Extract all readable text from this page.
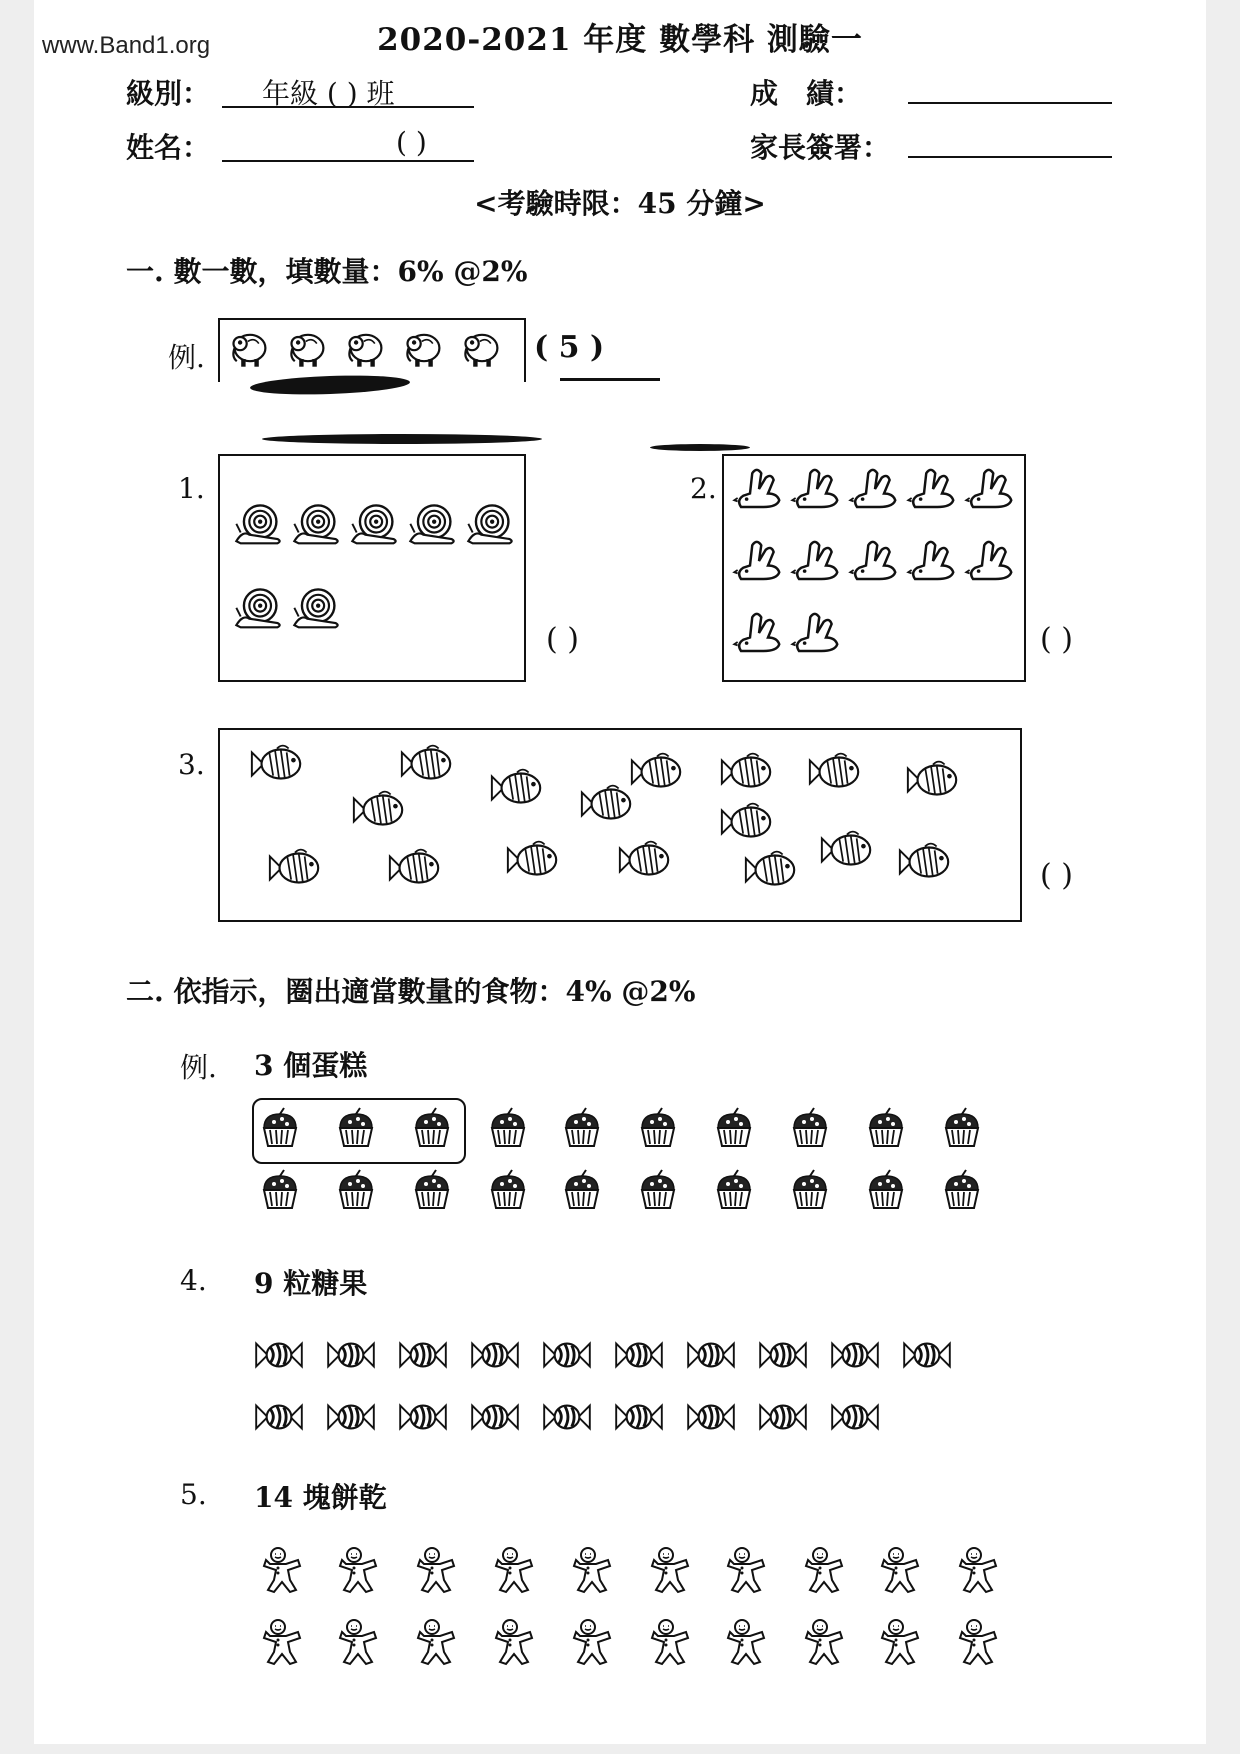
www.Band1.org	2020-2021 年度 數學科 測驗一
級別： 年級 ( ) 班	成　績：
姓名：	( )	家長簽署：
<考驗時限：45 分鐘>
一. 數一數，填數量：6% @2%
例.	( 5 )
1.
( )
2.
( )
3.
( )
二. 依指示，圈出適當數量的食物：4% @2%
例. 3 個蛋糕
4. 9 粒糖果
5. 14 塊餅乾
